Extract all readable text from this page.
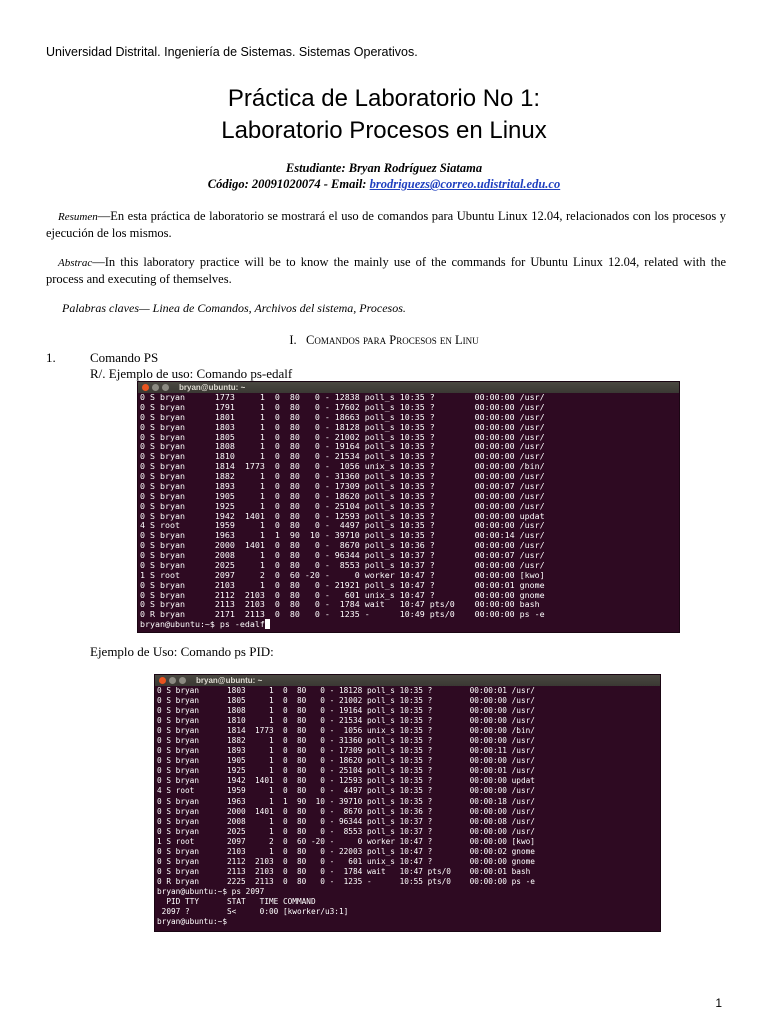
Universidad Distrital. Ingeniería de Sistemas. Sistemas Operativos.
Práctica de Laboratorio No 1:
Laboratorio Procesos en Linux
Estudiante: Bryan Rodríguez Siatama
Código: 20091020074 - Email: brodriguezs@correo.udistrital.edu.co
Resumen—En esta práctica de laboratorio se mostrará el uso de comandos para Ubuntu Linux 12.04, relacionados con los procesos y ejecución de los mismos.
Abstrac—In this laboratory practice will be to know the mainly use of the commands for Ubuntu Linux 12.04, related with the process and executing of themselves.
Palabras claves— Linea de Comandos, Archivos del sistema, Procesos.
I. Comandos para Procesos en Linu
1.	Comando PS
R/. Ejemplo de uso: Comando ps-edalf
bryan@ubuntu: ~
0 S bryan      1773     1  0  80   0 - 12838 poll_s 10:35 ?        00:00:00 /usr/
0 S bryan      1791     1  0  80   0 - 17602 poll_s 10:35 ?        00:00:00 /usr/
0 S bryan      1801     1  0  80   0 - 18663 poll_s 10:35 ?        00:00:00 /usr/
0 S bryan      1803     1  0  80   0 - 18128 poll_s 10:35 ?        00:00:00 /usr/
0 S bryan      1805     1  0  80   0 - 21002 poll_s 10:35 ?        00:00:00 /usr/
0 S bryan      1808     1  0  80   0 - 19164 poll_s 10:35 ?        00:00:00 /usr/
0 S bryan      1810     1  0  80   0 - 21534 poll_s 10:35 ?        00:00:00 /usr/
0 S bryan      1814  1773  0  80   0 -  1056 unix_s 10:35 ?        00:00:00 /bin/
0 S bryan      1882     1  0  80   0 - 31360 poll_s 10:35 ?        00:00:00 /usr/
0 S bryan      1893     1  0  80   0 - 17309 poll_s 10:35 ?        00:00:07 /usr/
0 S bryan      1905     1  0  80   0 - 18620 poll_s 10:35 ?        00:00:00 /usr/
0 S bryan      1925     1  0  80   0 - 25104 poll_s 10:35 ?        00:00:00 /usr/
0 S bryan      1942  1401  0  80   0 - 12593 poll_s 10:35 ?        00:00:00 updat
4 S root       1959     1  0  80   0 -  4497 poll_s 10:35 ?        00:00:00 /usr/
0 S bryan      1963     1  1  90  10 - 39710 poll_s 10:35 ?        00:00:14 /usr/
0 S bryan      2000  1401  0  80   0 -  8670 poll_s 10:36 ?        00:00:00 /usr/
0 S bryan      2008     1  0  80   0 - 96344 poll_s 10:37 ?        00:00:07 /usr/
0 S bryan      2025     1  0  80   0 -  8553 poll_s 10:37 ?        00:00:00 /usr/
1 S root       2097     2  0  60 -20 -     0 worker 10:47 ?        00:00:00 [kwo]
0 S bryan      2103     1  0  80   0 - 21921 poll_s 10:47 ?        00:00:01 gnome
0 S bryan      2112  2103  0  80   0 -   601 unix_s 10:47 ?        00:00:00 gnome
0 S bryan      2113  2103  0  80   0 -  1784 wait   10:47 pts/0    00:00:00 bash
0 R bryan      2171  2113  0  80   0 -  1235 -      10:49 pts/0    00:00:00 ps -e
bryan@ubuntu:~$ ps -edalf
Ejemplo de Uso: Comando ps PID:
bryan@ubuntu: ~
0 S bryan      1803     1  0  80   0 - 18128 poll_s 10:35 ?        00:00:01 /usr/
0 S bryan      1805     1  0  80   0 - 21002 poll_s 10:35 ?        00:00:00 /usr/
0 S bryan      1808     1  0  80   0 - 19164 poll_s 10:35 ?        00:00:00 /usr/
0 S bryan      1810     1  0  80   0 - 21534 poll_s 10:35 ?        00:00:00 /usr/
0 S bryan      1814  1773  0  80   0 -  1056 unix_s 10:35 ?        00:00:00 /bin/
0 S bryan      1882     1  0  80   0 - 31360 poll_s 10:35 ?        00:00:00 /usr/
0 S bryan      1893     1  0  80   0 - 17309 poll_s 10:35 ?        00:00:11 /usr/
0 S bryan      1905     1  0  80   0 - 18620 poll_s 10:35 ?        00:00:00 /usr/
0 S bryan      1925     1  0  80   0 - 25104 poll_s 10:35 ?        00:00:01 /usr/
0 S bryan      1942  1401  0  80   0 - 12593 poll_s 10:35 ?        00:00:00 updat
4 S root       1959     1  0  80   0 -  4497 poll_s 10:35 ?        00:00:00 /usr/
0 S bryan      1963     1  1  90  10 - 39710 poll_s 10:35 ?        00:00:18 /usr/
0 S bryan      2000  1401  0  80   0 -  8670 poll_s 10:36 ?        00:00:00 /usr/
0 S bryan      2008     1  0  80   0 - 96344 poll_s 10:37 ?        00:00:08 /usr/
0 S bryan      2025     1  0  80   0 -  8553 poll_s 10:37 ?        00:00:00 /usr/
1 S root       2097     2  0  60 -20 -     0 worker 10:47 ?        00:00:00 [kwo]
0 S bryan      2103     1  0  80   0 - 22003 poll_s 10:47 ?        00:00:02 gnome
0 S bryan      2112  2103  0  80   0 -   601 unix_s 10:47 ?        00:00:00 gnome
0 S bryan      2113  2103  0  80   0 -  1784 wait   10:47 pts/0    00:00:01 bash
0 R bryan      2225  2113  0  80   0 -  1235 -      10:55 pts/0    00:00:00 ps -e
bryan@ubuntu:~$ ps 2097
PID TTY      STAT   TIME COMMAND
2097 ?        S<     0:00 [kworker/u3:1]
bryan@ubuntu:~$
1
